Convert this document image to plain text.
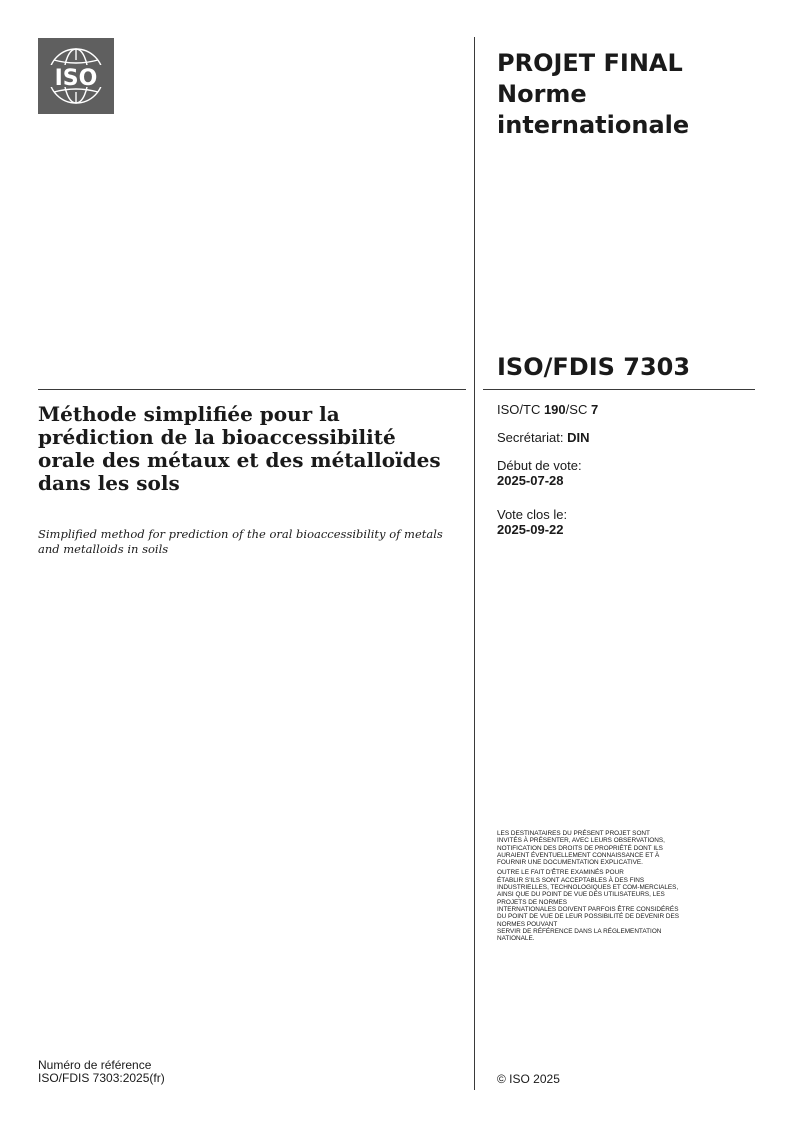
ISO
PROJET FINAL
Norme
internationale
ISO/FDIS 7303
ISO/TC 190/SC 7
Secrétariat: DIN
Début de vote:
2025-07-28
Vote clos le:
2025-09-22
Méthode simplifiée pour la prédiction de la bioaccessibilité orale des métaux et des métalloïdes dans les sols
Simplified method for prediction of the oral bioaccessibility of metals and metalloids in soils

LES DESTINATAIRES DU PRÉSENT PROJET SONT
INVITÉS À PRÉSENTER, AVEC LEURS OBSERVATIONS,
NOTIFICATION DES DROITS DE PROPRIÉTÉ DONT ILS
AURAIENT ÉVENTUELLEMENT CONNAISSANCE ET À
FOURNIR UNE DOCUMENTATION EXPLICATIVE.

OUTRE LE FAIT D'ÊTRE EXAMINÉS POUR
ÉTABLIR S'ILS SONT ACCEPTABLES À DES FINS
INDUSTRIELLES, TECHNOLOGIQUES ET COM-MERCIALES,
AINSI QUE DU POINT DE VUE DES UTILISATEURS, LES
PROJETS DE NORMES
INTERNATIONALES DOIVENT PARFOIS ÊTRE CONSIDÉRÉS
DU POINT DE VUE DE LEUR POSSIBILITÉ DE DEVENIR DES
NORMES POUVANT
SERVIR DE RÉFÉRENCE DANS LA RÉGLEMENTATION
NATIONALE.

Numéro de référence
ISO/FDIS 7303:2025(fr)	© ISO 2025
